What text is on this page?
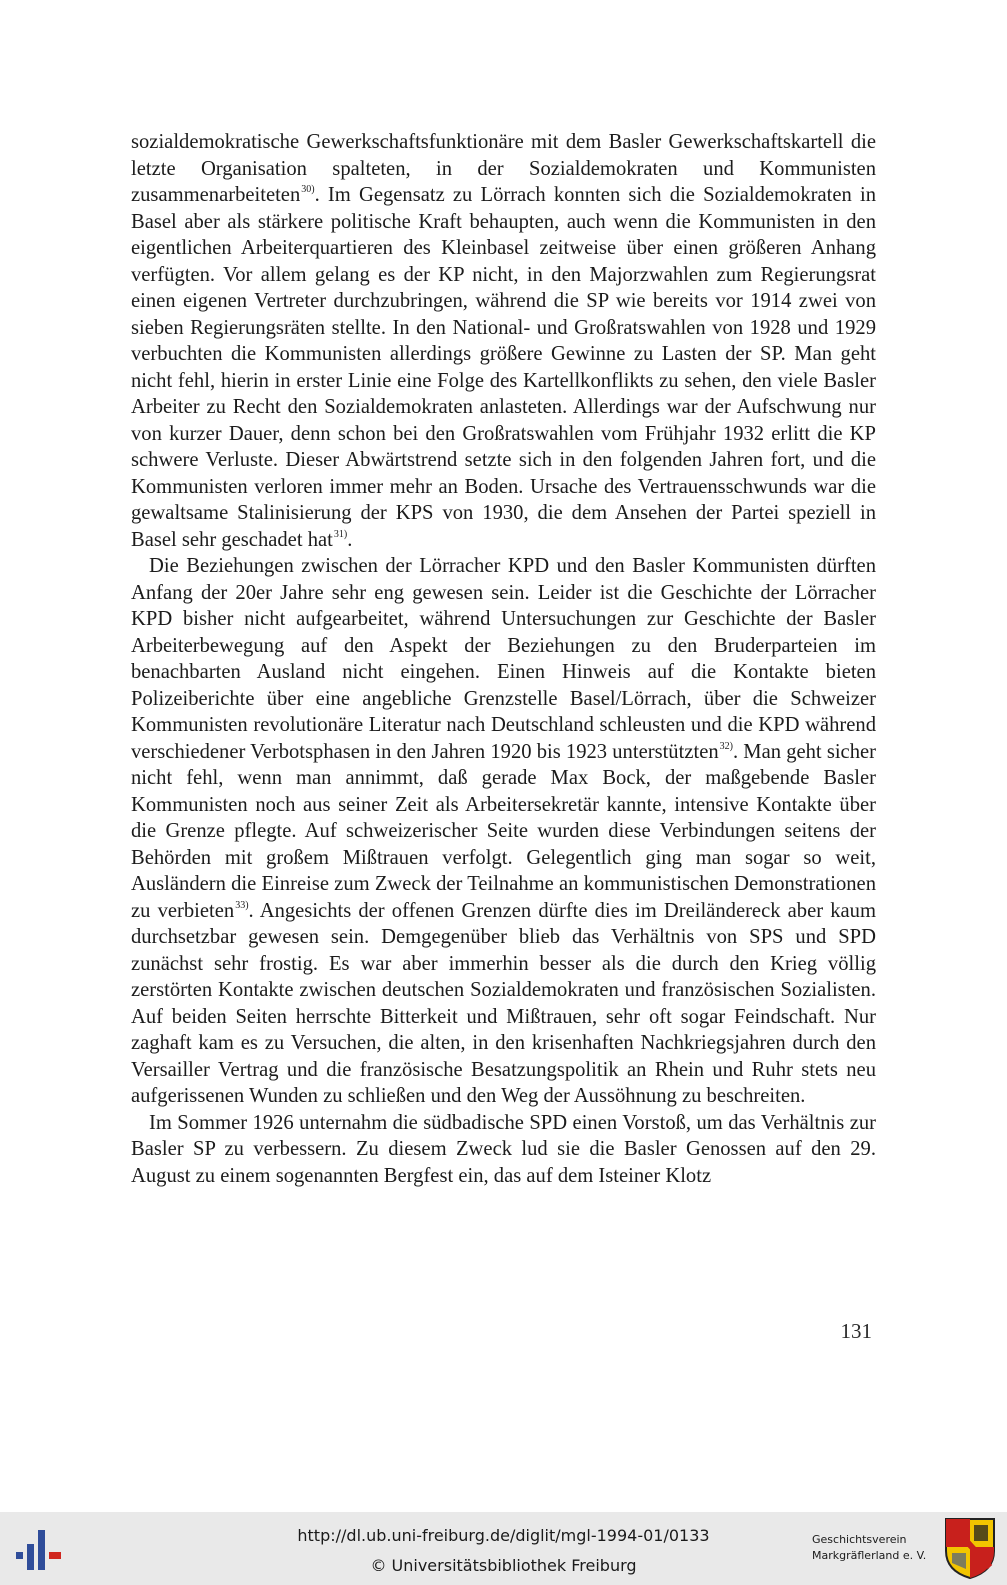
sozialdemokratische Gewerkschaftsfunktionäre mit dem Basler Gewerkschaftskartell die letzte Organisation spalteten, in der Sozialdemokraten und Kommunisten zusammenarbeiteten$^{30)}$. Im Gegensatz zu Lörrach konnten sich die Sozialdemokraten in Basel aber als stärkere politische Kraft behaupten, auch wenn die Kommunisten in den eigentlichen Arbeiterquartieren des Kleinbasel zeitweise über einen größeren Anhang verfügten. Vor allem gelang es der KP nicht, in den Majorzwahlen zum Regierungsrat einen eigenen Vertreter durchzubringen, während die SP wie bereits vor 1914 zwei von sieben Regierungsräten stellte. In den National- und Großratswahlen von 1928 und 1929 verbuchten die Kommunisten allerdings größere Gewinne zu Lasten der SP. Man geht nicht fehl, hierin in erster Linie eine Folge des Kartellkonflikts zu sehen, den viele Basler Arbeiter zu Recht den Sozialdemokraten anlasteten. Allerdings war der Aufschwung nur von kurzer Dauer, denn schon bei den Großratswahlen vom Frühjahr 1932 erlitt die KP schwere Verluste. Dieser Abwärtstrend setzte sich in den folgenden Jahren fort, und die Kommunisten verloren immer mehr an Boden. Ursache des Vertrauensschwunds war die gewaltsame Stalinisierung der KPS von 1930, die dem Ansehen der Partei speziell in Basel sehr geschadet hat$^{31)}$.

Die Beziehungen zwischen der Lörracher KPD und den Basler Kommunisten dürften Anfang der 20er Jahre sehr eng gewesen sein. Leider ist die Geschichte der Lörracher KPD bisher nicht aufgearbeitet, während Untersuchungen zur Geschichte der Basler Arbeiterbewegung auf den Aspekt der Beziehungen zu den Bruderparteien im benachbarten Ausland nicht eingehen. Einen Hinweis auf die Kontakte bieten Polizeiberichte über eine angebliche Grenzstelle Basel/Lörrach, über die Schweizer Kommunisten revolutionäre Literatur nach Deutschland schleusten und die KPD während verschiedener Verbotsphasen in den Jahren 1920 bis 1923 unterstützten$^{32)}$. Man geht sicher nicht fehl, wenn man annimmt, daß gerade Max Bock, der maßgebende Basler Kommunisten noch aus seiner Zeit als Arbeitersekretär kannte, intensive Kontakte über die Grenze pflegte. Auf schweizerischer Seite wurden diese Verbindungen seitens der Behörden mit großem Mißtrauen verfolgt. Gelegentlich ging man sogar so weit, Ausländern die Einreise zum Zweck der Teilnahme an kommunistischen Demonstrationen zu verbieten$^{33)}$. Angesichts der offenen Grenzen dürfte dies im Dreiländereck aber kaum durchsetzbar gewesen sein. Demgegenüber blieb das Verhältnis von SPS und SPD zunächst sehr frostig. Es war aber immerhin besser als die durch den Krieg völlig zerstörten Kontakte zwischen deutschen Sozialdemokraten und französischen Sozialisten. Auf beiden Seiten herrschte Bitterkeit und Mißtrauen, sehr oft sogar Feindschaft. Nur zaghaft kam es zu Versuchen, die alten, in den krisenhaften Nachkriegsjahren durch den Versailler Vertrag und die französische Besatzungspolitik an Rhein und Ruhr stets neu aufgerissenen Wunden zu schließen und den Weg der Aussöhnung zu beschreiten.

Im Sommer 1926 unternahm die südbadische SPD einen Vorstoß, um das Verhältnis zur Basler SP zu verbessern. Zu diesem Zweck lud sie die Basler Genossen auf den 29. August zu einem sogenannten Bergfest ein, das auf dem Isteiner Klotz

131
http://dl.ub.uni-freiburg.de/diglit/mgl-1994-01/0133
© Universitätsbibliothek Freiburg
Geschichtsverein
Markgräflerland e. V.
